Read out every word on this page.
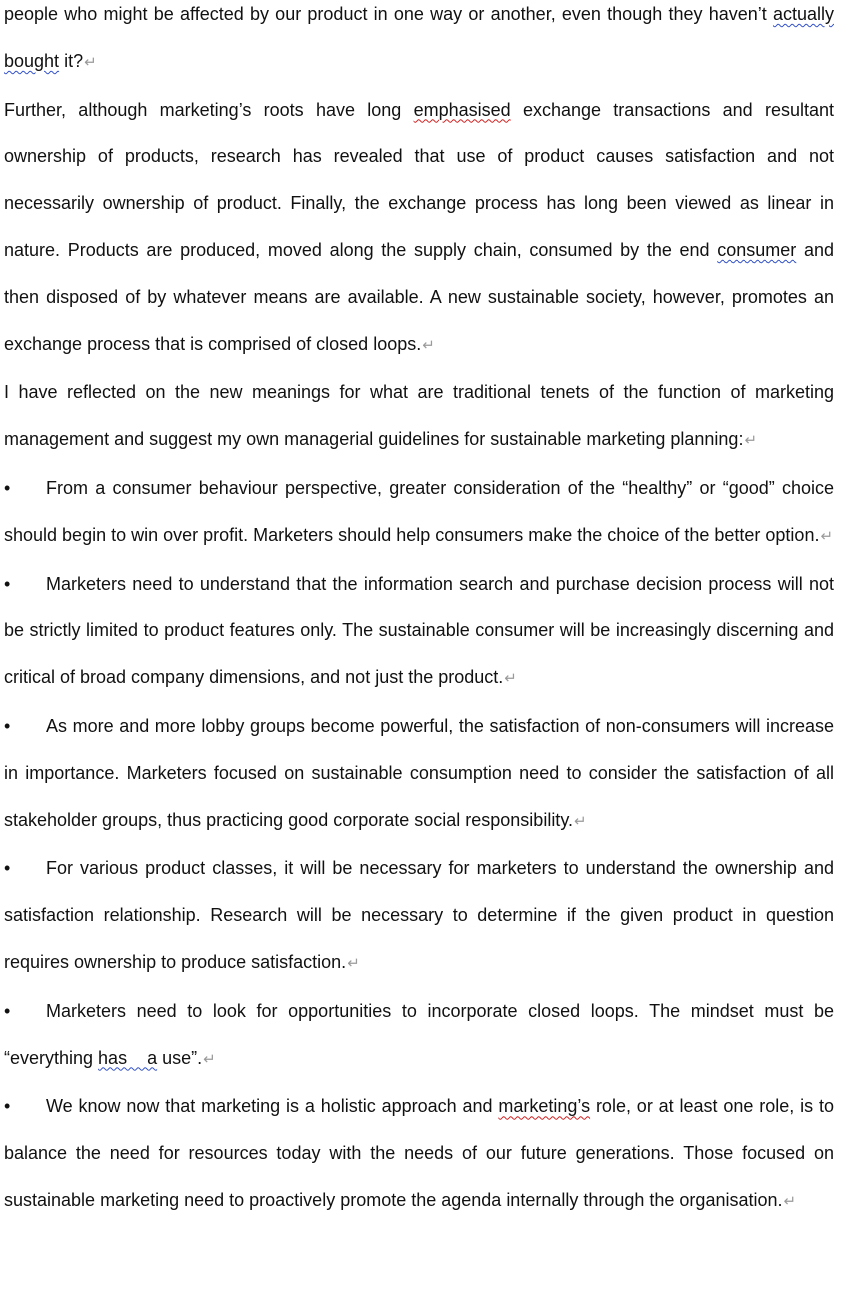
people who might be affected by our product in one way or another, even though they haven’t actually bought it?↵

Further, although marketing’s roots have long emphasised exchange transactions and resultant ownership of products, research has revealed that use of product causes satisfaction and not necessarily ownership of product. Finally, the exchange process has long been viewed as linear in nature. Products are produced, moved along the supply chain, consumed by the end consumer and then disposed of by whatever means are available. A new sustainable society, however, promotes an exchange process that is comprised of closed loops.↵

I have reflected on the new meanings for what are traditional tenets of the function of marketing management and suggest my own managerial guidelines for sustainable marketing planning:↵

• From a consumer behaviour perspective, greater consideration of the “healthy” or “good” choice should begin to win over profit. Marketers should help consumers make the choice of the better option.↵

• Marketers need to understand that the information search and purchase decision process will not be strictly limited to product features only. The sustainable consumer will be increasingly discerning and critical of broad company dimensions, and not just the product.↵

• As more and more lobby groups become powerful, the satisfaction of non-consumers will increase in importance. Marketers focused on sustainable consumption need to consider the satisfaction of all stakeholder groups, thus practicing good corporate social responsibility.↵

• For various product classes, it will be necessary for marketers to understand the ownership and satisfaction relationship. Research will be necessary to determine if the given product in question requires ownership to produce satisfaction.↵

• Marketers need to look for opportunities to incorporate closed loops. The mindset must be “everything has    a use”.↵

• We know now that marketing is a holistic approach and marketing’s role, or at least one role, is to balance the need for resources today with the needs of our future generations. Those focused on sustainable marketing need to proactively promote the agenda internally through the organisation.↵
